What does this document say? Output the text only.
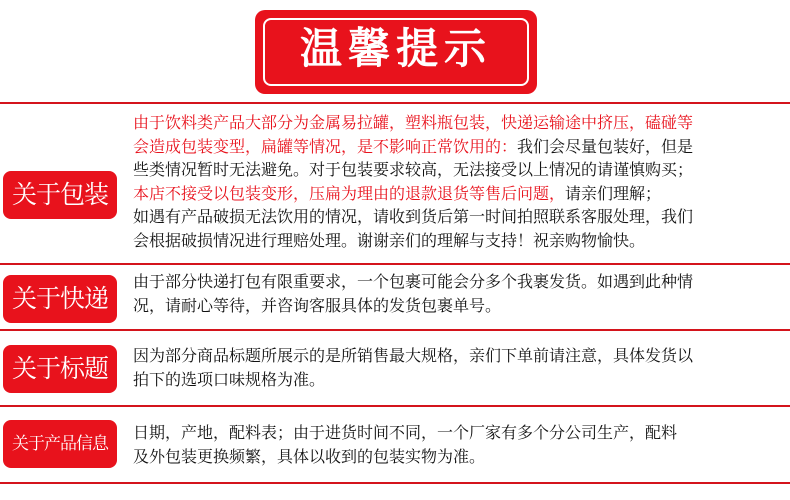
温馨提示
关于包装
由于饮料类产品大部分为金属易拉罐，塑料瓶包装，快递运输途中挤压，磕碰等
会造成包装变型，扁罐等情况，是不影响正常饮用的：我们会尽量包装好，但是
些类情况暂时无法避免。对于包装要求较高，无法接受以上情况的请谨慎购买；
本店不接受以包装变形，压扁为理由的退款退货等售后问题，请亲们理解；
如遇有产品破损无法饮用的情况，请收到货后第一时间拍照联系客服处理，我们
会根据破损情况进行理赔处理。谢谢亲们的理解与支持！祝亲购物愉快。
关于快递
由于部分快递打包有限重要求，一个包裹可能会分多个我裹发货。如遇到此种情
况，请耐心等待，并咨询客服具体的发货包裹单号。
关于标题	因为部分商品标题所展示的是所销售最大规格，亲们下单前请注意，具体发货以
拍下的选项口味规格为准。
关于产品信息
日期，产地，配料表；由于进货时间不同，一个厂家有多个分公司生产，配料
及外包装更换频繁，具体以收到的包装实物为准。
